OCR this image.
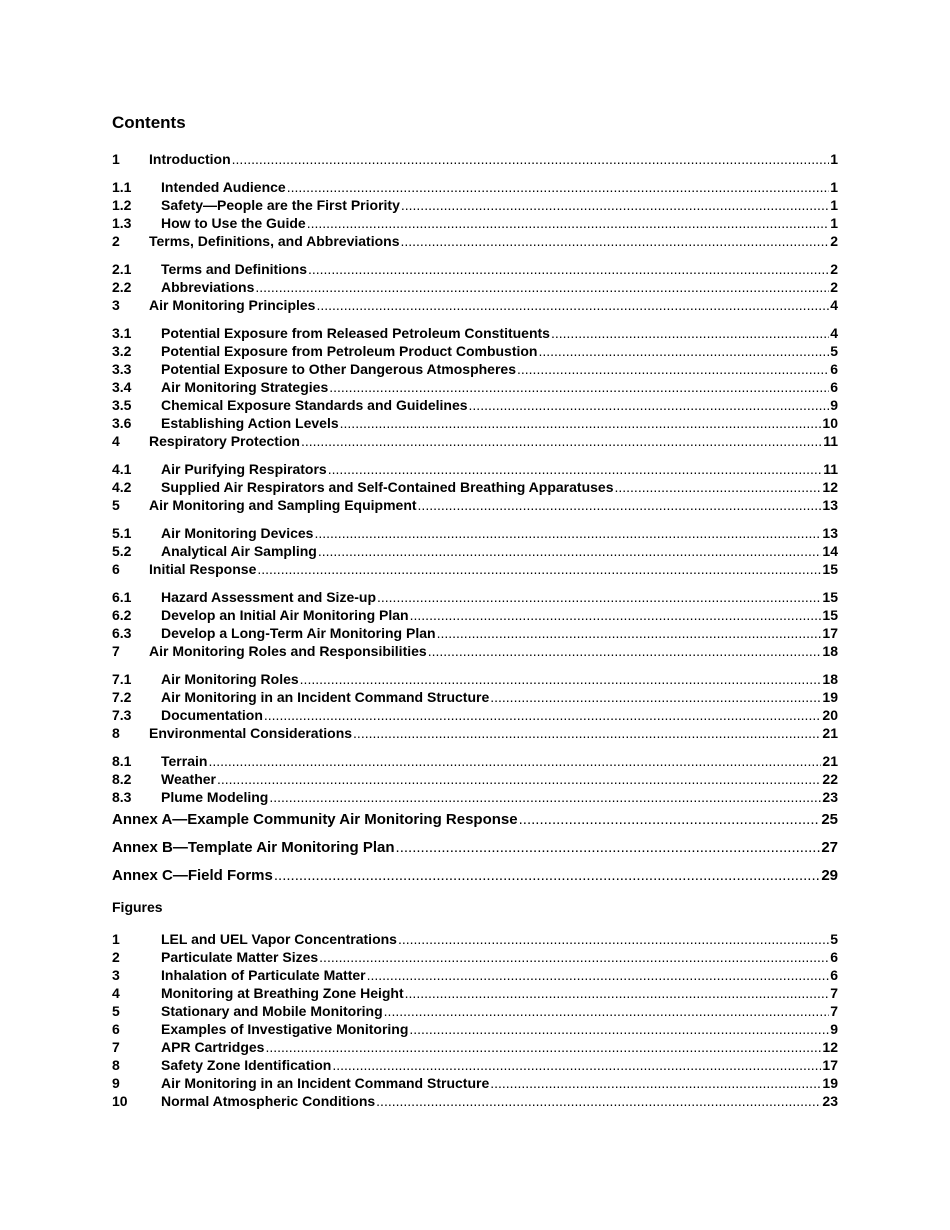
Contents
1	Introduction .....	1
1.1	Intended Audience .....	1
1.2	Safety—People are the First Priority .....	1
1.3	How to Use the Guide .....	1
2	Terms, Definitions, and Abbreviations .....	2
2.1	Terms and Definitions .....	2
2.2	Abbreviations .....	2
3	Air Monitoring Principles .....	4
3.1	Potential Exposure from Released Petroleum Constituents .....	4
3.2	Potential Exposure from Petroleum Product Combustion .....	5
3.3	Potential Exposure to Other Dangerous Atmospheres .....	6
3.4	Air Monitoring Strategies .....	6
3.5	Chemical Exposure Standards and Guidelines .....	9
3.6	Establishing Action Levels .....	10
4	Respiratory Protection .....	11
4.1	Air Purifying Respirators .....	11
4.2	Supplied Air Respirators and Self-Contained Breathing Apparatuses .....	12
5	Air Monitoring and Sampling Equipment .....	13
5.1	Air Monitoring Devices .....	13
5.2	Analytical Air Sampling .....	14
6	Initial Response .....	15
6.1	Hazard Assessment and Size-up .....	15
6.2	Develop an Initial Air Monitoring Plan .....	15
6.3	Develop a Long-Term Air Monitoring Plan .....	17
7	Air Monitoring Roles and Responsibilities .....	18
7.1	Air Monitoring Roles .....	18
7.2	Air Monitoring in an Incident Command Structure .....	19
7.3	Documentation .....	20
8	Environmental Considerations .....	21
8.1	Terrain .....	21
8.2	Weather .....	22
8.3	Plume Modeling .....	23
Annex A—Example Community Air Monitoring Response .....	25
Annex B—Template Air Monitoring Plan .....	27
Annex C—Field Forms .....	29
Figures
1	LEL and UEL Vapor Concentrations .....	5
2	Particulate Matter Sizes .....	6
3	Inhalation of Particulate Matter .....	6
4	Monitoring at Breathing Zone Height .....	7
5	Stationary and Mobile Monitoring .....	7
6	Examples of Investigative Monitoring .....	9
7	APR Cartridges .....	12
8	Safety Zone Identification .....	17
9	Air Monitoring in an Incident Command Structure .....	19
10	Normal Atmospheric Conditions .....	23
